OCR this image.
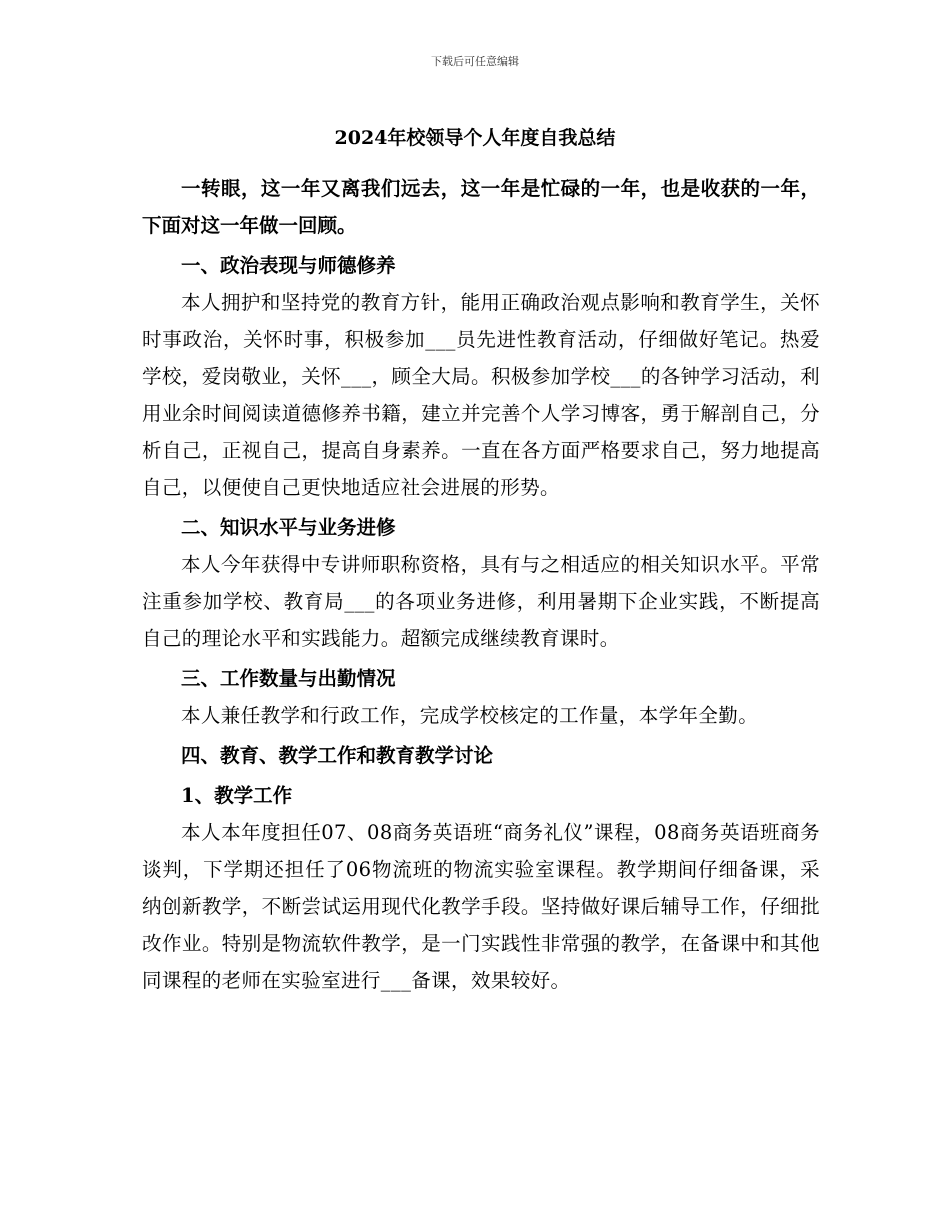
下载后可任意编辑
2024年校领导个人年度自我总结

一转眼，这一年又离我们远去，这一年是忙碌的一年，也是收获的一年，下面对这一年做一回顾。

一、政治表现与师德修养

本人拥护和坚持党的教育方针，能用正确政治观点影响和教育学生，关怀时事政治，关怀时事，积极参加___员先进性教育活动，仔细做好笔记。热爱学校，爱岗敬业，关怀___，顾全大局。积极参加学校___的各钟学习活动，利用业余时间阅读道德修养书籍，建立并完善个人学习博客，勇于解剖自己，分析自己，正视自己，提高自身素养。一直在各方面严格要求自己，努力地提高自己，以便使自己更快地适应社会进展的形势。

二、知识水平与业务进修

本人今年获得中专讲师职称资格，具有与之相适应的相关知识水平。平常注重参加学校、教育局___的各项业务进修，利用暑期下企业实践，不断提高自己的理论水平和实践能力。超额完成继续教育课时。

三、工作数量与出勤情况

本人兼任教学和行政工作，完成学校核定的工作量，本学年全勤。

四、教育、教学工作和教育教学讨论

1、教学工作

本人本年度担任07、08商务英语班“商务礼仪”课程，08商务英语班商务谈判，下学期还担任了06物流班的物流实验室课程。教学期间仔细备课，采纳创新教学，不断尝试运用现代化教学手段。坚持做好课后辅导工作，仔细批改作业。特别是物流软件教学，是一门实践性非常强的教学，在备课中和其他同课程的老师在实验室进行___备课，效果较好。
